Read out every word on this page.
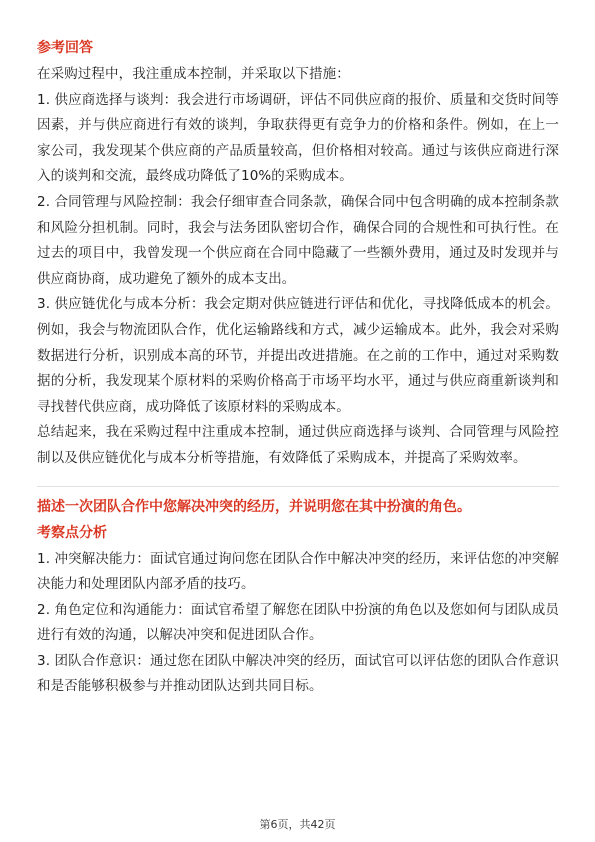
参考回答

在采购过程中，我注重成本控制，并采取以下措施：

1. 供应商选择与谈判：我会进行市场调研，评估不同供应商的报价、质量和交货时间等因素，并与供应商进行有效的谈判，争取获得更有竞争力的价格和条件。例如，在上一家公司，我发现某个供应商的产品质量较高，但价格相对较高。通过与该供应商进行深入的谈判和交流，最终成功降低了10%的采购成本。

2. 合同管理与风险控制：我会仔细审查合同条款，确保合同中包含明确的成本控制条款和风险分担机制。同时，我会与法务团队密切合作，确保合同的合规性和可执行性。在过去的项目中，我曾发现一个供应商在合同中隐藏了一些额外费用，通过及时发现并与供应商协商，成功避免了额外的成本支出。

3. 供应链优化与成本分析：我会定期对供应链进行评估和优化，寻找降低成本的机会。例如，我会与物流团队合作，优化运输路线和方式，减少运输成本。此外，我会对采购数据进行分析，识别成本高的环节，并提出改进措施。在之前的工作中，通过对采购数据的分析，我发现某个原材料的采购价格高于市场平均水平，通过与供应商重新谈判和寻找替代供应商，成功降低了该原材料的采购成本。

总结起来，我在采购过程中注重成本控制，通过供应商选择与谈判、合同管理与风险控制以及供应链优化与成本分析等措施，有效降低了采购成本，并提高了采购效率。

描述一次团队合作中您解决冲突的经历，并说明您在其中扮演的角色。

考察点分析

1. 冲突解决能力：面试官通过询问您在团队合作中解决冲突的经历，来评估您的冲突解决能力和处理团队内部矛盾的技巧。

2. 角色定位和沟通能力：面试官希望了解您在团队中扮演的角色以及您如何与团队成员进行有效的沟通，以解决冲突和促进团队合作。

3. 团队合作意识：通过您在团队中解决冲突的经历，面试官可以评估您的团队合作意识和是否能够积极参与并推动团队达到共同目标。

第6页，共42页
